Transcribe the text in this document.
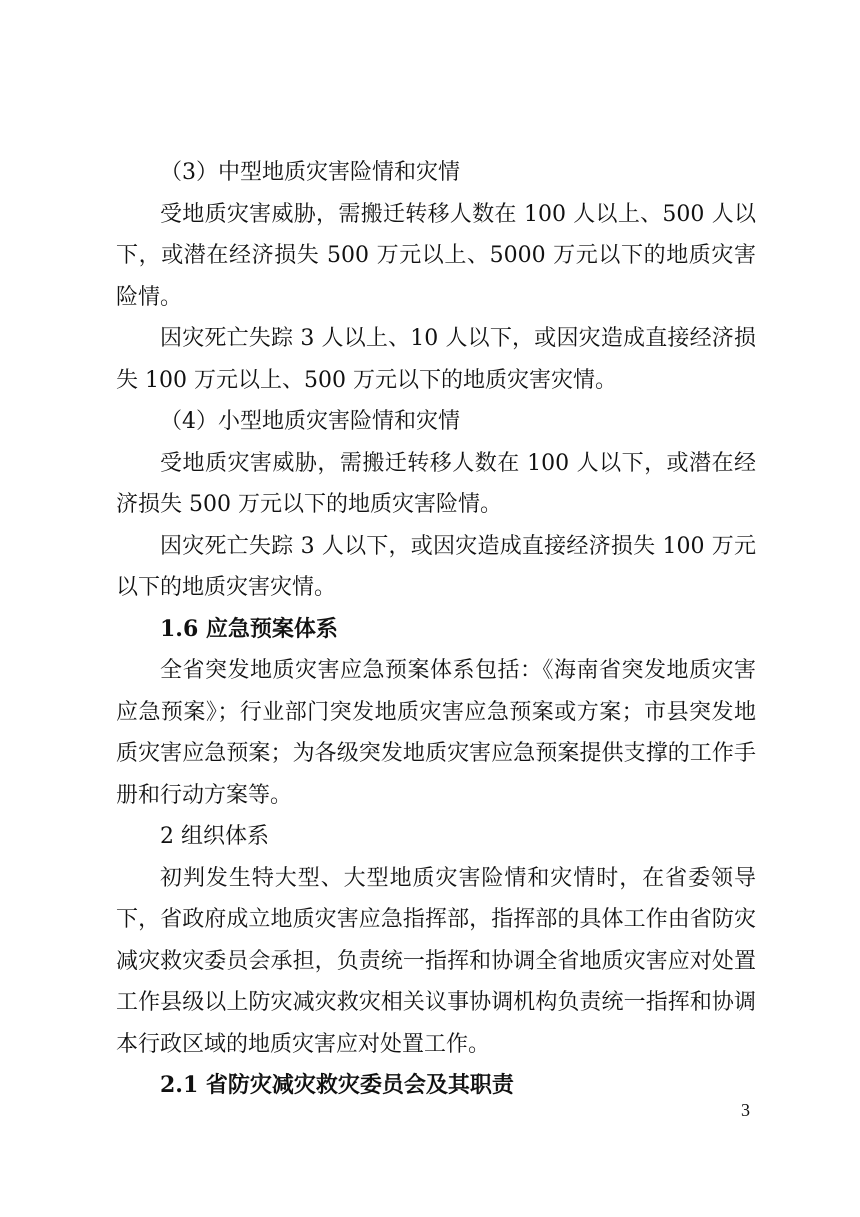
（3）中型地质灾害险情和灾情

受地质灾害威胁，需搬迁转移人数在 100 人以上、500 人以下，或潜在经济损失 500 万元以上、5000 万元以下的地质灾害险情。

因灾死亡失踪 3 人以上、10 人以下，或因灾造成直接经济损失 100 万元以上、500 万元以下的地质灾害灾情。

（4）小型地质灾害险情和灾情

受地质灾害威胁，需搬迁转移人数在 100 人以下，或潜在经济损失 500 万元以下的地质灾害险情。

因灾死亡失踪 3 人以下，或因灾造成直接经济损失 100 万元以下的地质灾害灾情。

1.6 应急预案体系

全省突发地质灾害应急预案体系包括：《海南省突发地质灾害应急预案》；行业部门突发地质灾害应急预案或方案；市县突发地质灾害应急预案；为各级突发地质灾害应急预案提供支撑的工作手册和行动方案等。

2 组织体系

初判发生特大型、大型地质灾害险情和灾情时，在省委领导下，省政府成立地质灾害应急指挥部，指挥部的具体工作由省防灾减灾救灾委员会承担，负责统一指挥和协调全省地质灾害应对处置工作县级以上防灾减灾救灾相关议事协调机构负责统一指挥和协调本行政区域的地质灾害应对处置工作。

2.1 省防灾减灾救灾委员会及其职责

3
